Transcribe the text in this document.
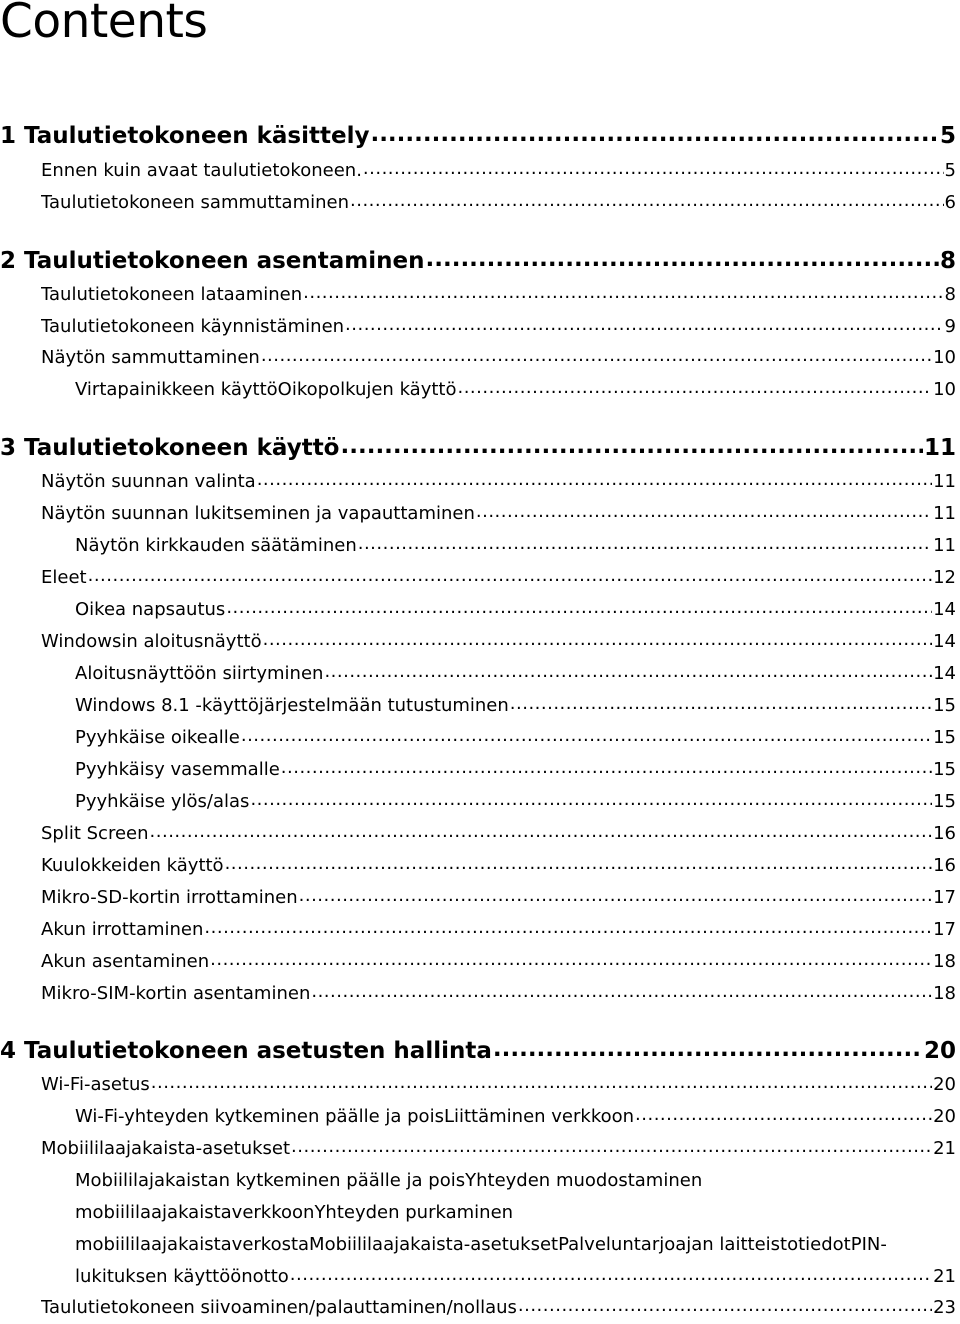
Contents
1 Taulutietokoneen käsittely .....	5
Ennen kuin avaat taulutietokoneen. .....	5
Taulutietokoneen sammuttaminen .....	6
2 Taulutietokoneen asentaminen .....	8
Taulutietokoneen lataaminen .....	8
Taulutietokoneen käynnistäminen .....	9
Näytön sammuttaminen .....	10
Virtapainikkeen käyttöOikopolkujen käyttö .....	10
3 Taulutietokoneen käyttö .....	11
Näytön suunnan valinta .....	11
Näytön suunnan lukitseminen ja vapauttaminen .....	11
Näytön kirkkauden säätäminen .....	11
Eleet .....	12
Oikea napsautus .....	14
Windowsin aloitusnäyttö .....	14
Aloitusnäyttöön siirtyminen .....	14
Windows 8.1 -käyttöjärjestelmään tutustuminen .....	15
Pyyhkäise oikealle .....	15
Pyyhkäisy vasemmalle .....	15
Pyyhkäise ylös/alas .....	15
Split Screen .....	16
Kuulokkeiden käyttö .....	16
Mikro-SD-kortin irrottaminen .....	17
Akun irrottaminen .....	17
Akun asentaminen .....	18
Mikro-SIM-kortin asentaminen .....	18
4 Taulutietokoneen asetusten hallinta .....	20
Wi-Fi-asetus .....	20
Wi-Fi-yhteyden kytkeminen päälle ja poisLiittäminen verkkoon .....	20
Mobiililaajakaista-asetukset .....	21
Mobiililajakaistan kytkeminen päälle ja poisYhteyden muodostaminen
mobiililaajakaistaverkkoonYhteyden purkaminen
mobiililaajakaistaverkostaMobiililaajakaista-asetuksetPalveluntarjoajan laitteistotiedotPIN-
lukituksen käyttöönotto .....	21
Taulutietokoneen siivoaminen/palauttaminen/nollaus .....	23
